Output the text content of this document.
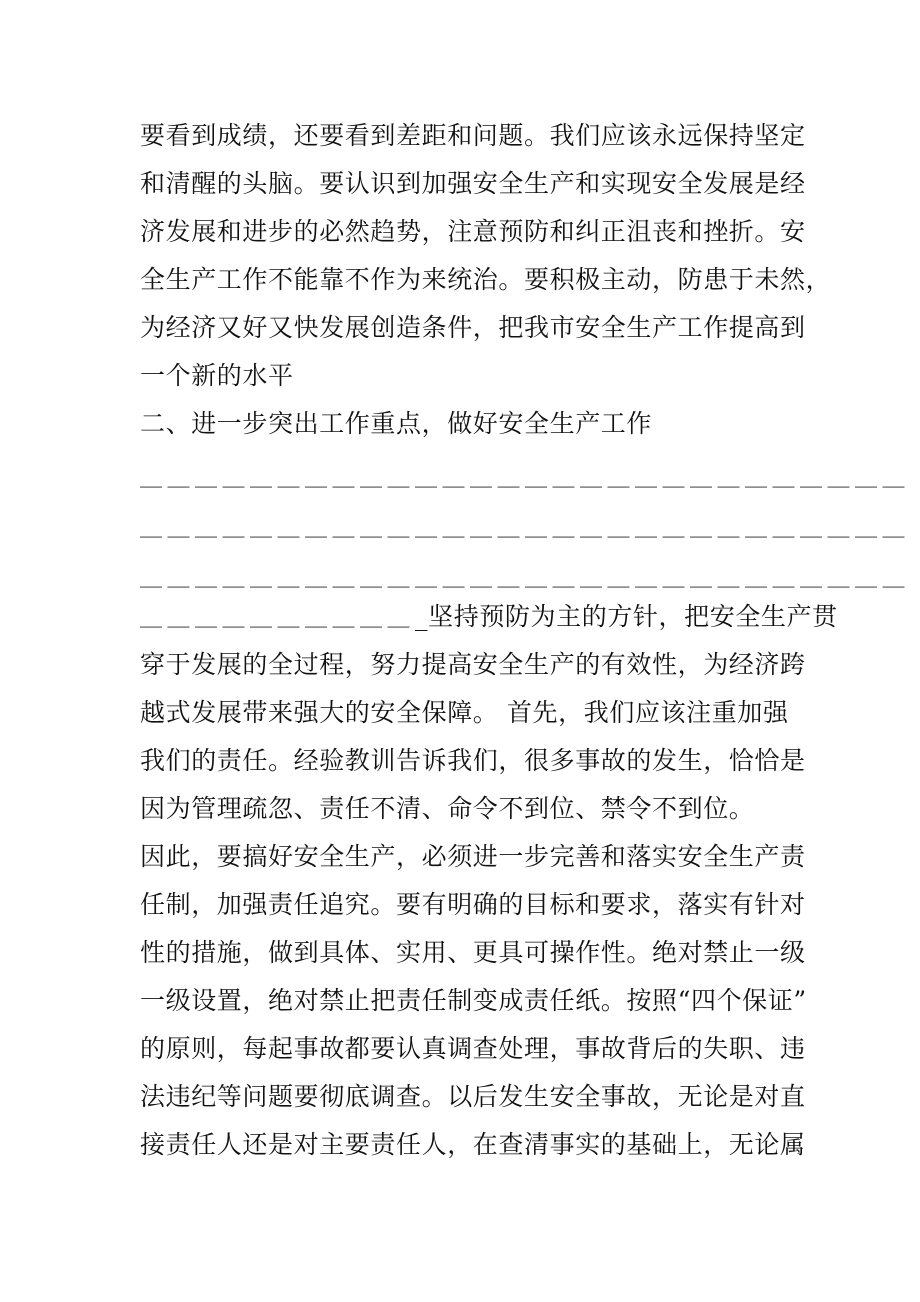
要看到成绩，还要看到差距和问题。我们应该永远保持坚定
和清醒的头脑。要认识到加强安全生产和实现安全发展是经
济发展和进步的必然趋势，注意预防和纠正沮丧和挫折。安
全生产工作不能靠不作为来统治。要积极主动，防患于未然，
为经济又好又快发展创造条件，把我市安全生产工作提高到
一个新的水平
二、进一步突出工作重点，做好安全生产工作
＿＿＿＿＿＿＿＿＿＿＿＿＿＿＿＿＿＿＿＿＿＿＿＿＿＿＿＿
＿＿＿＿＿＿＿＿＿＿＿＿＿＿＿＿＿＿＿＿＿＿＿＿＿＿＿＿
＿＿＿＿＿＿＿＿＿＿＿＿＿＿＿＿＿＿＿＿＿＿＿＿＿＿＿＿
＿＿＿＿＿＿＿＿＿＿_坚持预防为主的方针，把安全生产贯
穿于发展的全过程，努力提高安全生产的有效性，为经济跨
越式发展带来强大的安全保障。 首先，我们应该注重加强
我们的责任。经验教训告诉我们，很多事故的发生，恰恰是
因为管理疏忽、责任不清、命令不到位、禁令不到位。
因此，要搞好安全生产，必须进一步完善和落实安全生产责
任制，加强责任追究。要有明确的目标和要求，落实有针对
性的措施，做到具体、实用、更具可操作性。绝对禁止一级
一级设置，绝对禁止把责任制变成责任纸。按照“四个保证”
的原则，每起事故都要认真调查处理，事故背后的失职、违
法违纪等问题要彻底调查。以后发生安全事故，无论是对直
接责任人还是对主要责任人，在查清事实的基础上，无论属
